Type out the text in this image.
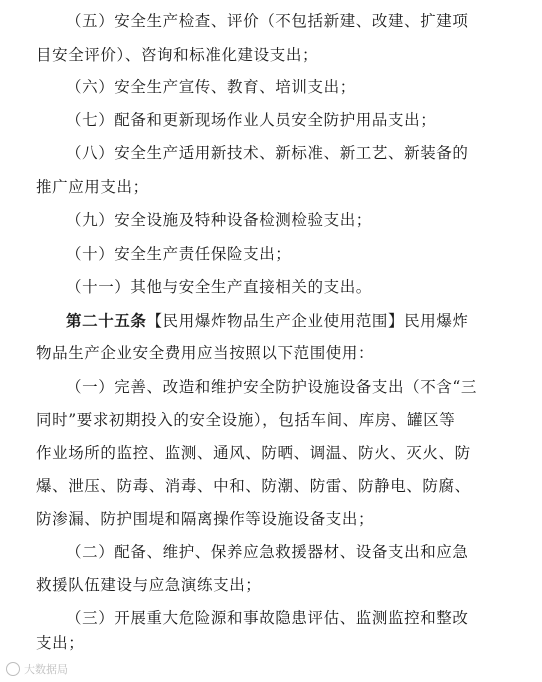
（五）安全生产检查、评价（不包括新建、改建、扩建项
目安全评价）、咨询和标准化建设支出；
（六）安全生产宣传、教育、培训支出；
（七）配备和更新现场作业人员安全防护用品支出；
（八）安全生产适用新技术、新标准、新工艺、新装备的
推广应用支出；
（九）安全设施及特种设备检测检验支出；
（十）安全生产责任保险支出；
（十一）其他与安全生产直接相关的支出。
第二十五条【民用爆炸物品生产企业使用范围】民用爆炸
物品生产企业安全费用应当按照以下范围使用：
（一）完善、改造和维护安全防护设施设备支出（不含“三
同时”要求初期投入的安全设施），包括车间、库房、罐区等
作业场所的监控、监测、通风、防晒、调温、防火、灭火、防
爆、泄压、防毒、消毒、中和、防潮、防雷、防静电、防腐、
防渗漏、防护围堤和隔离操作等设施设备支出；
（二）配备、维护、保养应急救援器材、设备支出和应急
救援队伍建设与应急演练支出；
（三）开展重大危险源和事故隐患评估、监测监控和整改
支出；
大数据局
